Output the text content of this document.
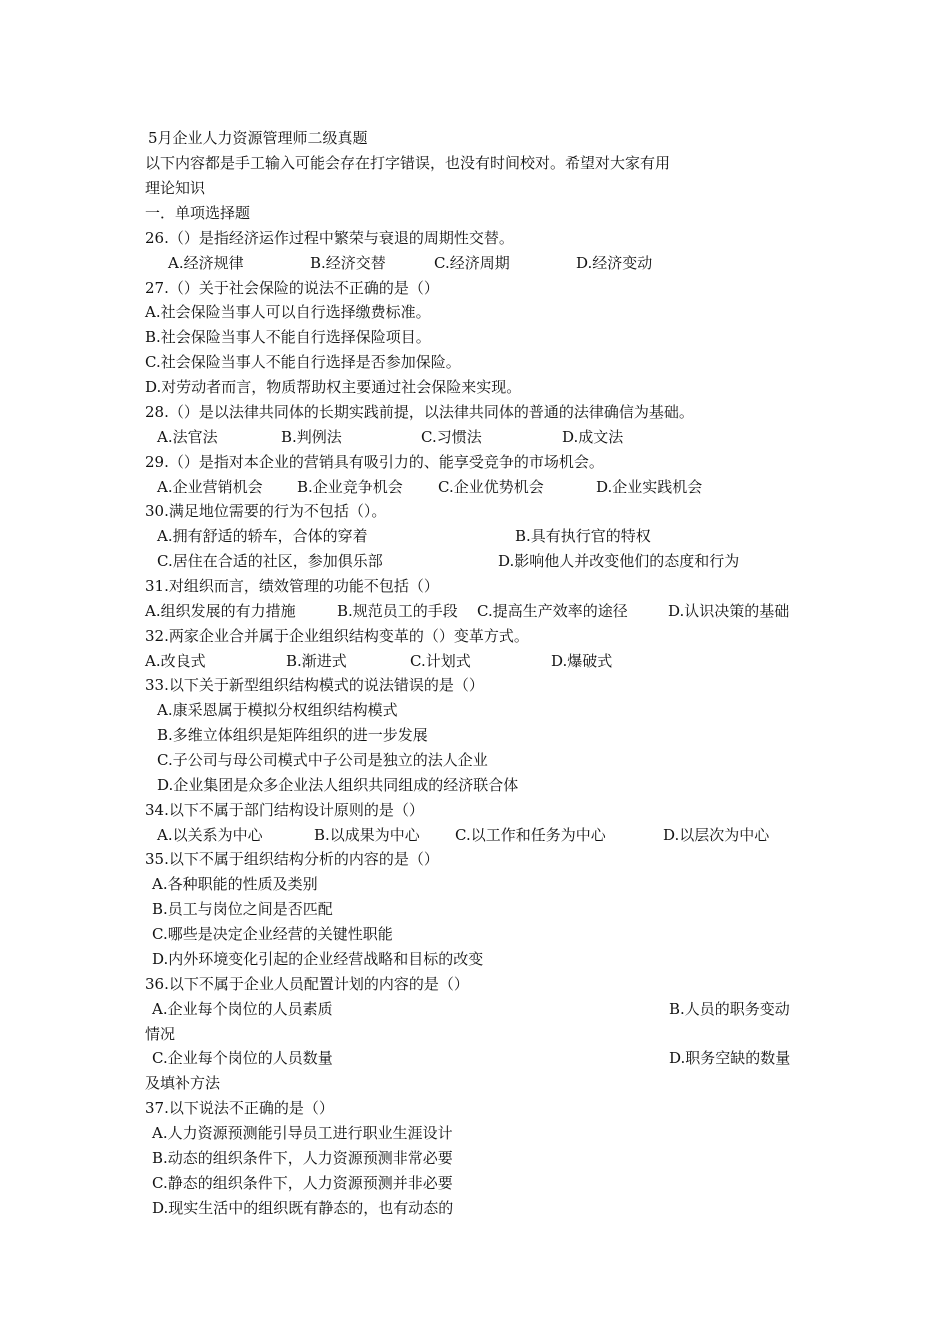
5月企业人力资源管理师二级真题
以下内容都是手工输入可能会存在打字错误，也没有时间校对。希望对大家有用
理论知识
一．单项选择题
26.（）是指经济运作过程中繁荣与衰退的周期性交替。
A.经济规律	B.经济交替	C.经济周期	D.经济变动
27.（）关于社会保险的说法不正确的是（）
A.社会保险当事人可以自行选择缴费标准。
B.社会保险当事人不能自行选择保险项目。
C.社会保险当事人不能自行选择是否参加保险。
D.对劳动者而言，物质帮助权主要通过社会保险来实现。
28.（）是以法律共同体的长期实践前提，以法律共同体的普通的法律确信为基础。
A.法官法	B.判例法	C.习惯法	D.成文法
29.（）是指对本企业的营销具有吸引力的、能享受竞争的市场机会。
A.企业营销机会 B.企业竞争机会 C.企业优势机会	D.企业实践机会
30.满足地位需要的行为不包括（）。
A.拥有舒适的轿车，合体的穿着	B.具有执行官的特权
C.居住在合适的社区，参加俱乐部	D.影响他人并改变他们的态度和行为
31.对组织而言，绩效管理的功能不包括（）
A.组织发展的有力措施	B.规范员工的手段 C.提高生产效率的途径	D.认识决策的基础
32.两家企业合并属于企业组织结构变革的（）变革方式。
A.改良式	B.渐进式	C.计划式	D.爆破式
33.以下关于新型组织结构模式的说法错误的是（）
A.康采恩属于模拟分权组织结构模式
B.多维立体组织是矩阵组织的进一步发展
C.子公司与母公司模式中子公司是独立的法人企业
D.企业集团是众多企业法人组织共同组成的经济联合体
34.以下不属于部门结构设计原则的是（）
A.以关系为中心	B.以成果为中心 C.以工作和任务为中心	D.以层次为中心
35.以下不属于组织结构分析的内容的是（）
A.各种职能的性质及类别
B.员工与岗位之间是否匹配
C.哪些是决定企业经营的关键性职能
D.内外环境变化引起的企业经营战略和目标的改变
36.以下不属于企业人员配置计划的内容的是（）
A.企业每个岗位的人员素质	B.人员的职务变动
情况
C.企业每个岗位的人员数量	D.职务空缺的数量
及填补方法
37.以下说法不正确的是（）
A.人力资源预测能引导员工进行职业生涯设计
B.动态的组织条件下，人力资源预测非常必要
C.静态的组织条件下，人力资源预测并非必要
D.现实生活中的组织既有静态的，也有动态的
